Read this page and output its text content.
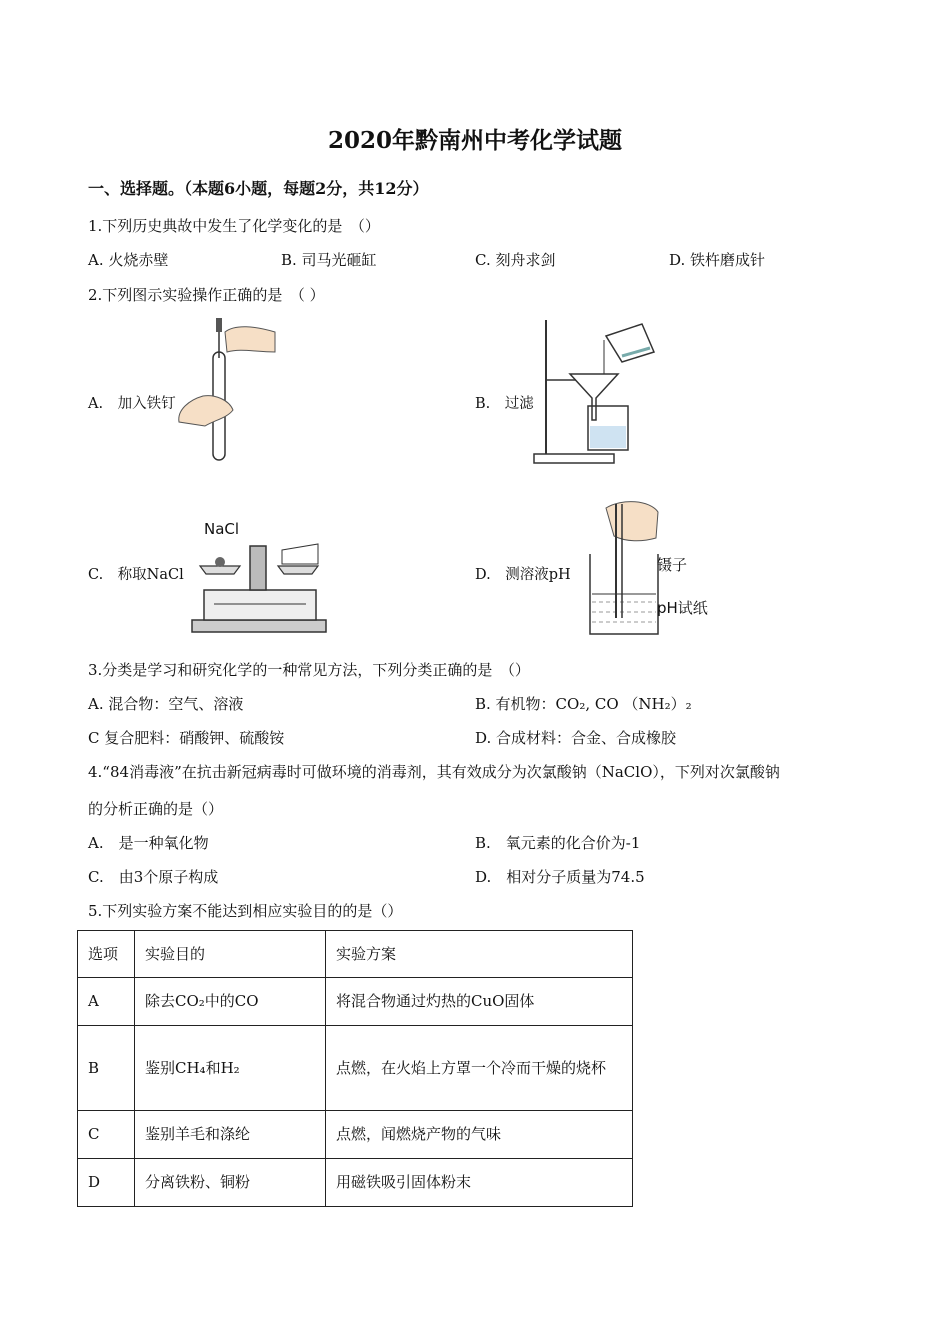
2020年黔南州中考化学试题
一、选择题。（本题6小题，每题2分，共12分）
1.下列历史典故中发生了化学变化的是　（）
A. 火烧赤壁	B. 司马光砸缸	C. 刻舟求剑	D. 铁杵磨成针
2.下列图示实验操作正确的是　（ ）
A.　加入铁钉	B.　过滤
C.　称取NaCl
NaCl
D.　测溶液pH
镊子
pH试纸
3.分类是学习和研究化学的一种常见方法，下列分类正确的是　（）
A. 混合物：空气、溶液	B. 有机物：CO₂, CO （NH₂）₂
C 复合肥料：硝酸钾、硫酸铵	D. 合成材料：合金、合成橡胶
4.“84消毒液”在抗击新冠病毒时可做环境的消毒剂，其有效成分为次氯酸钠（NaClO），下列对次氯酸钠
的分析正确的是（）
A.　是一种氧化物	B.　氧元素的化合价为-1
C.　由3个原子构成	D.　相对分子质量为74.5
5.下列实验方案不能达到相应实验目的的是（）
选项	实验目的	实验方案
A	除去CO₂中的CO	将混合物通过灼热的CuO固体
B	鉴别CH₄和H₂	点燃，在火焰上方罩一个冷而干燥的烧杯
C	鉴别羊毛和涤纶	点燃，闻燃烧产物的气味
D	分离铁粉、铜粉	用磁铁吸引固体粉末
